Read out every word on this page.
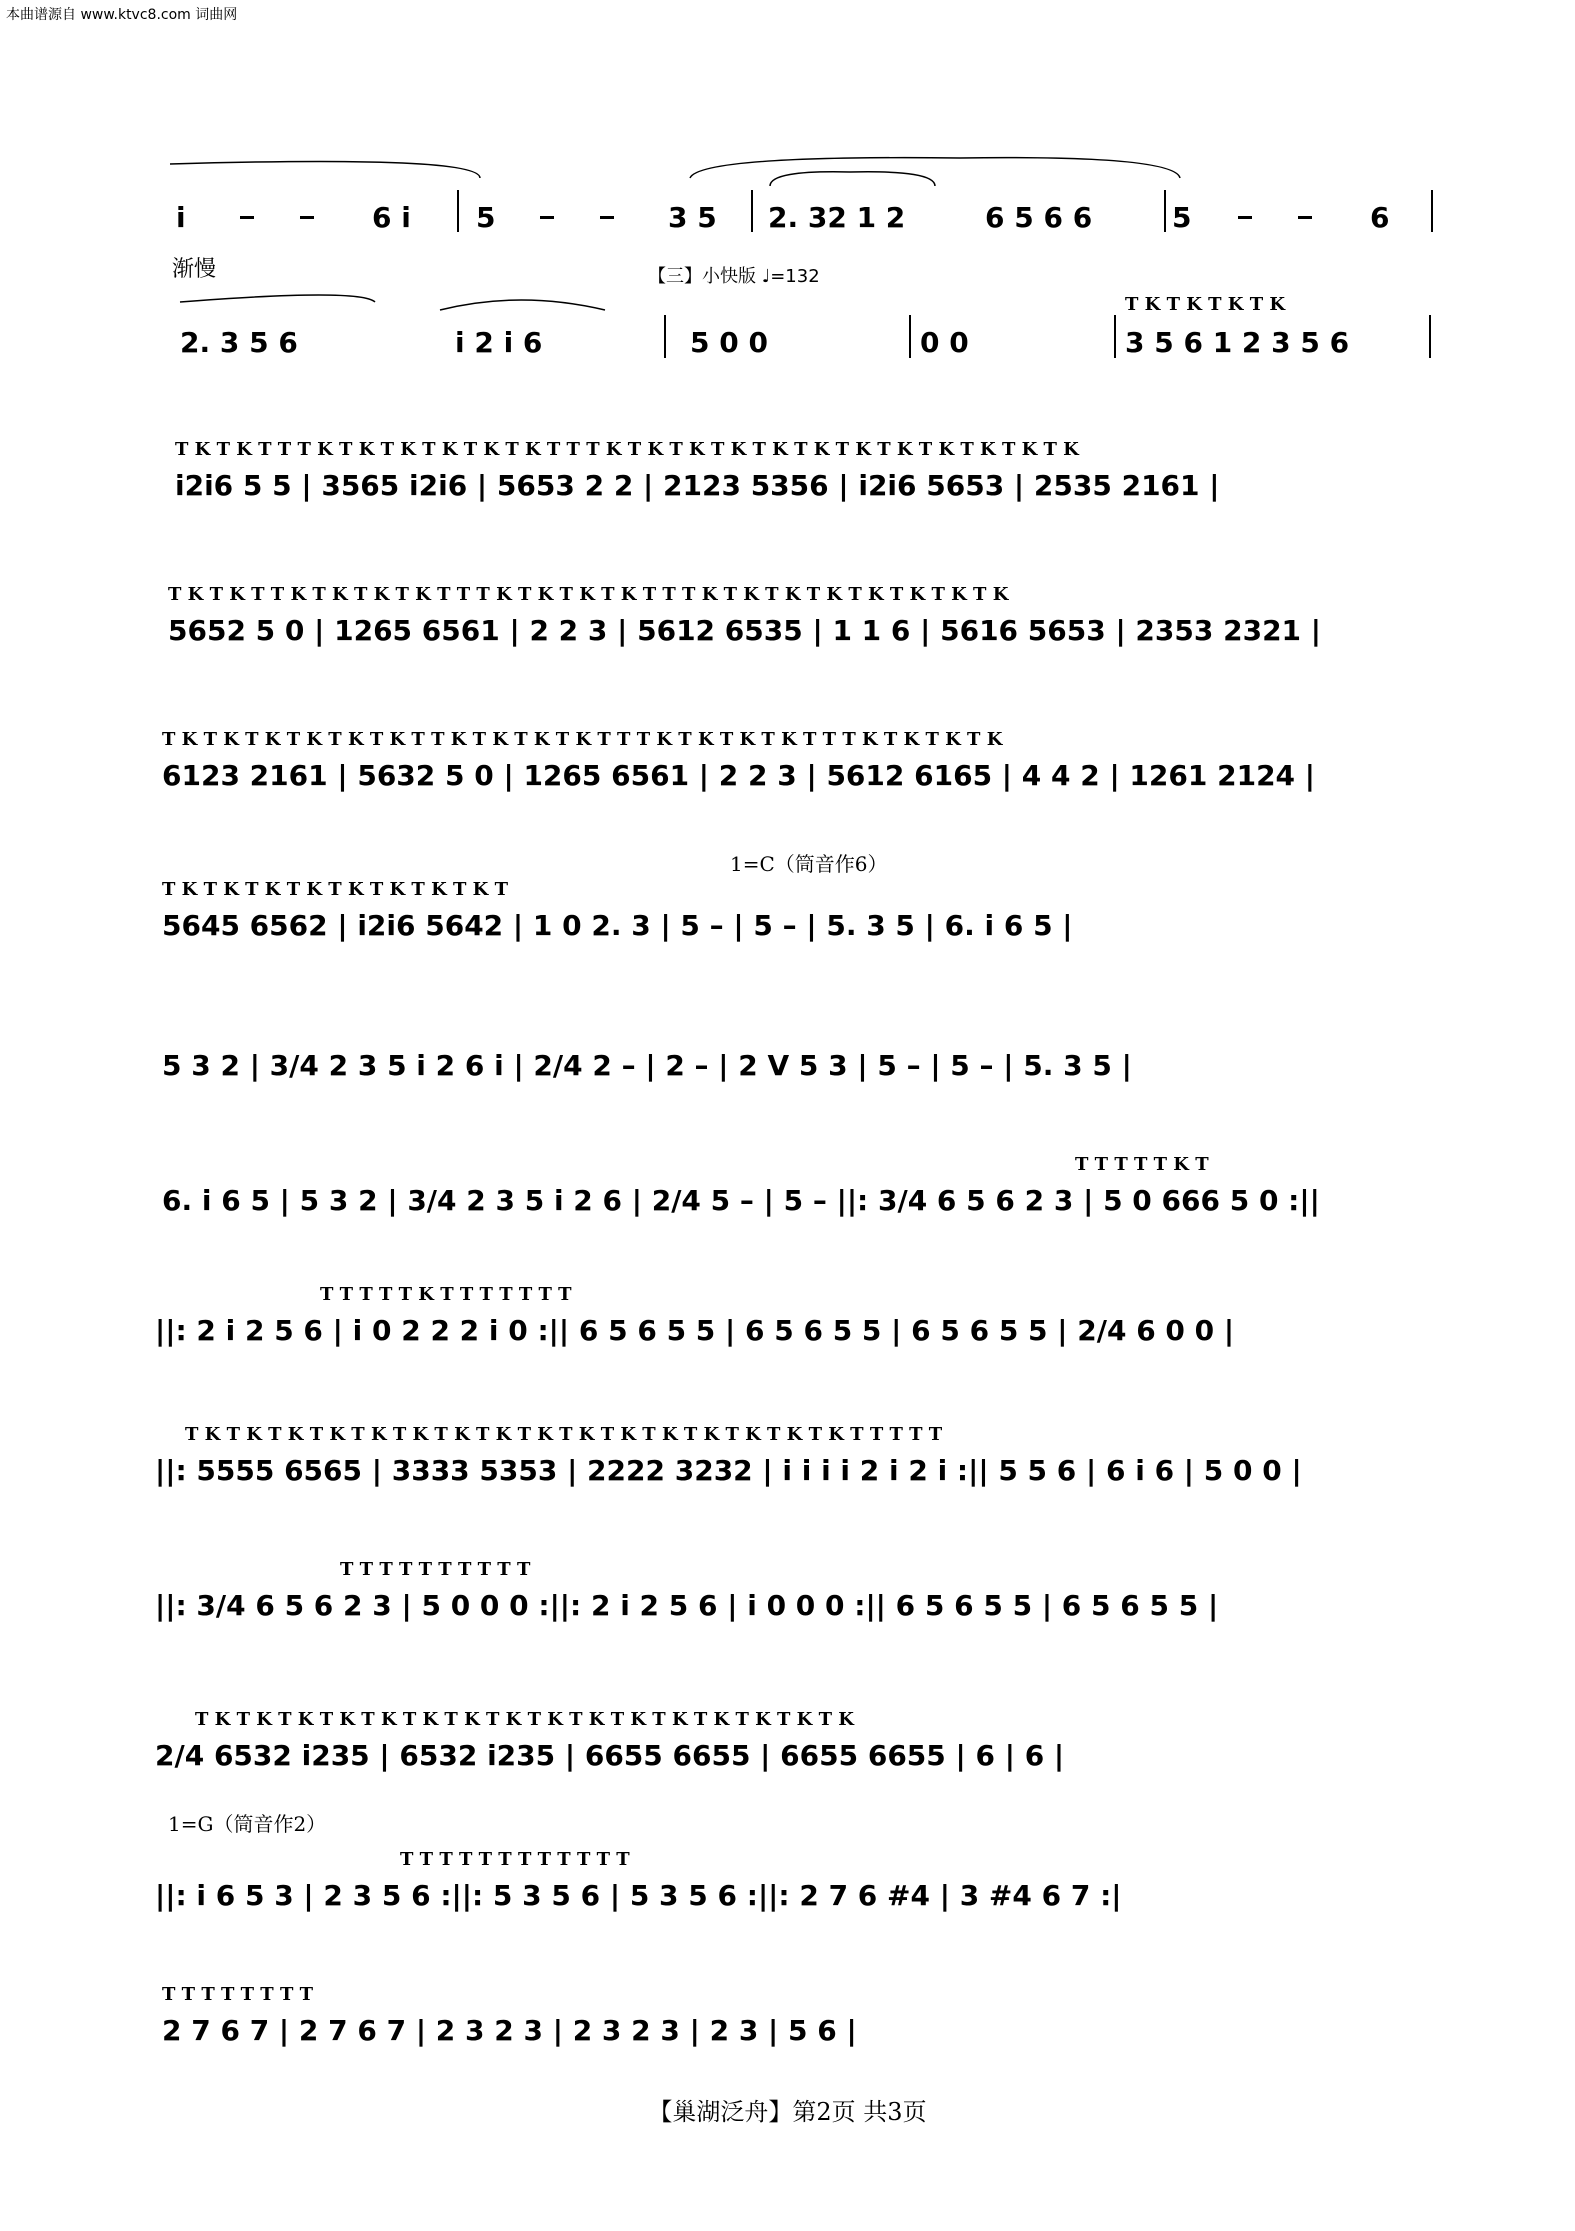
本曲谱源自 www.ktvc8.com 词曲网
i	6 i 5	3 5 2. 32 1 2	6 5 6 6	5	6
渐慢	【三】小快版 ♩=132
2. 3 5 6	i 2 i 6	5 0 0	0 0
T K T K T K T K
3 5 6 1 2 3 5 6
T K T K T T T K T K T K T K T K T K T T T K T K T K T K T K T K T K T K T K T K T K T K
i2i6 5 5 | 3565 i2i6 | 5653 2 2 | 2123 5356 | i2i6 5653 | 2535 2161 |
T K T K T T K T K T K T K T T T K T K T K T K T T T K T K T K T K T K T K T K T K
5652 5 0 | 1265 6561 | 2 2 3 | 5612 6535 | 1 1 6 | 5616 5653 | 2353 2321 |
T K T K T K T K T K T K T T K T K T K T K T T T K T K T K T K T T T K T K T K T K
6123 2161 | 5632 5 0 | 1265 6561 | 2 2 3 | 5612 6165 | 4 4 2 | 1261 2124 |
1=C（筒音作6）
T K T K T K T K T K T K T K T K T
5645 6562 | i2i6 5642 | 1 0 2. 3 | 5 – | 5 – | 5. 3 5 | 6. i 6 5 |
5 3 2 | 3/4 2 3 5 i 2 6 i | 2/4 2 – | 2 – | 2 V 5 3 | 5 – | 5 – | 5. 3 5 |
T T T T T K T
6. i 6 5 | 5 3 2 | 3/4 2 3 5 i 2 6 | 2/4 5 – | 5 – ||: 3/4 6 5 6 2 3 | 5 0 666 5 0 :||
T T T T T K T T T T T T T
||: 2 i 2 5 6 | i 0 2 2 2 i 0 :|| 6 5 6 5 5 | 6 5 6 5 5 | 6 5 6 5 5 | 2/4 6 0 0 |
T K T K T K T K T K T K T K T K T K T K T K T K T K T K T K T K T T T T T
||: 5555 6565 | 3333 5353 | 2222 3232 | i i i i 2 i 2 i :|| 5 5 6 | 6 i 6 | 5 0 0 |
T T T T T T T T T T
||: 3/4 6 5 6 2 3 | 5 0 0 0 :||: 2 i 2 5 6 | i 0 0 0 :|| 6 5 6 5 5 | 6 5 6 5 5 |
T K T K T K T K T K T K T K T K T K T K T K T K T K T K T K T K
2/4 6532 i235 | 6532 i235 | 6655 6655 | 6655 6655 | 6 | 6 |
1=G（筒音作2）
T T T T T T T T T T T T
||: i 6 5 3 | 2 3 5 6 :||: 5 3 5 6 | 5 3 5 6 :||: 2 7 6 #4 | 3 #4 6 7 :|
T T T T T T T T
2 7 6 7 | 2 7 6 7 | 2 3 2 3 | 2 3 2 3 | 2 3 | 5 6 |
【巢湖泛舟】第2页 共3页
